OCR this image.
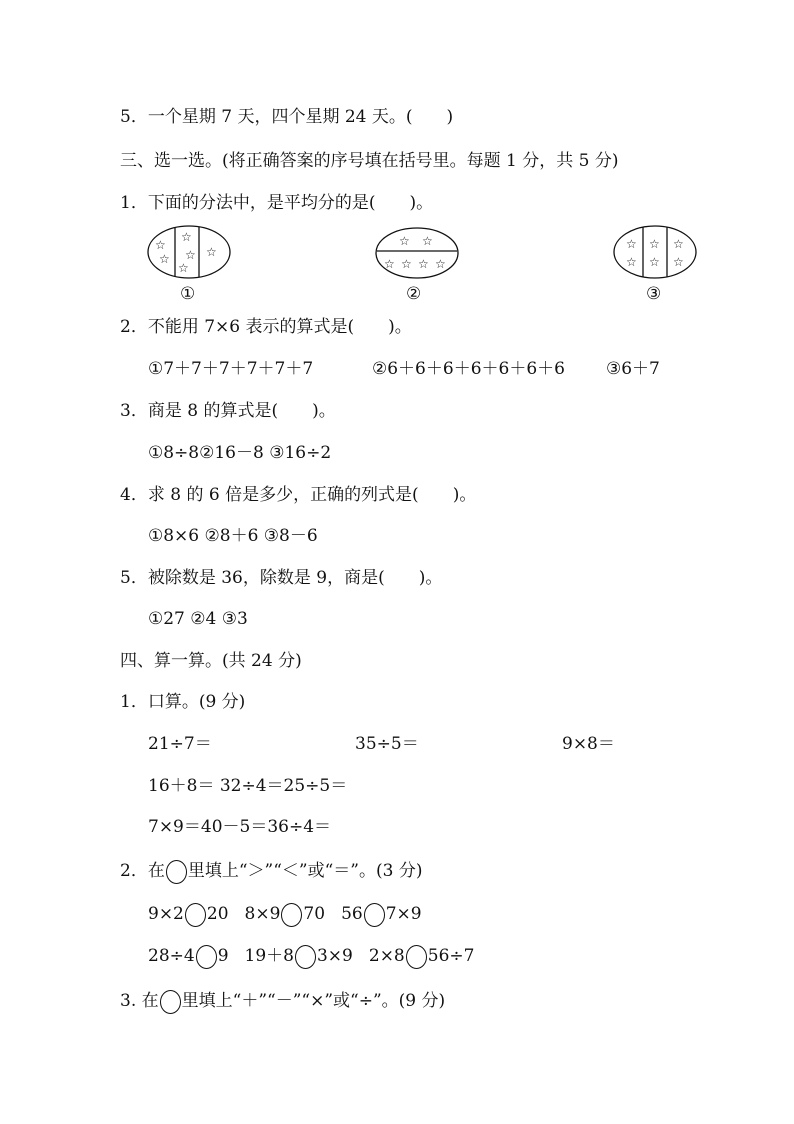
5．一个星期 7 天，四个星期 24 天。(　　)
三、选一选。(将正确答案的序号填在括号里。每题 1 分，共 5 分)
1．下面的分法中，是平均分的是(　　)。
☆
☆
☆
☆
☆
☆
①
☆ ☆
☆ ☆ ☆ ☆
②
☆
☆
☆
☆
☆
☆
③
2．不能用 7×6 表示的算式是(　　)。
①7＋7＋7＋7＋7＋7	②6＋6＋6＋6＋6＋6＋6 ③6＋7
3．商是 8 的算式是(　　)。
①8÷8②16－8 ③16÷2
4．求 8 的 6 倍是多少，正确的列式是(　　)。
①8×6 ②8＋6 ③8－6
5．被除数是 36，除数是 9，商是(　　)。
①27 ②4 ③3
四、算一算。(共 24 分)
1．口算。(9 分)
21÷7＝	35÷5＝	9×8＝
16＋8＝ 32÷4＝25÷5＝
7×9＝40－5＝36÷4＝
2．在 里填上“＞”“＜”或“＝”。(3 分)
9×2 20 8×9 70 56 7×9
28÷4 9 19＋8 3×9 2×8 56÷7
3. 在 里填上“＋”“－”“×”或“÷”。(9 分)
